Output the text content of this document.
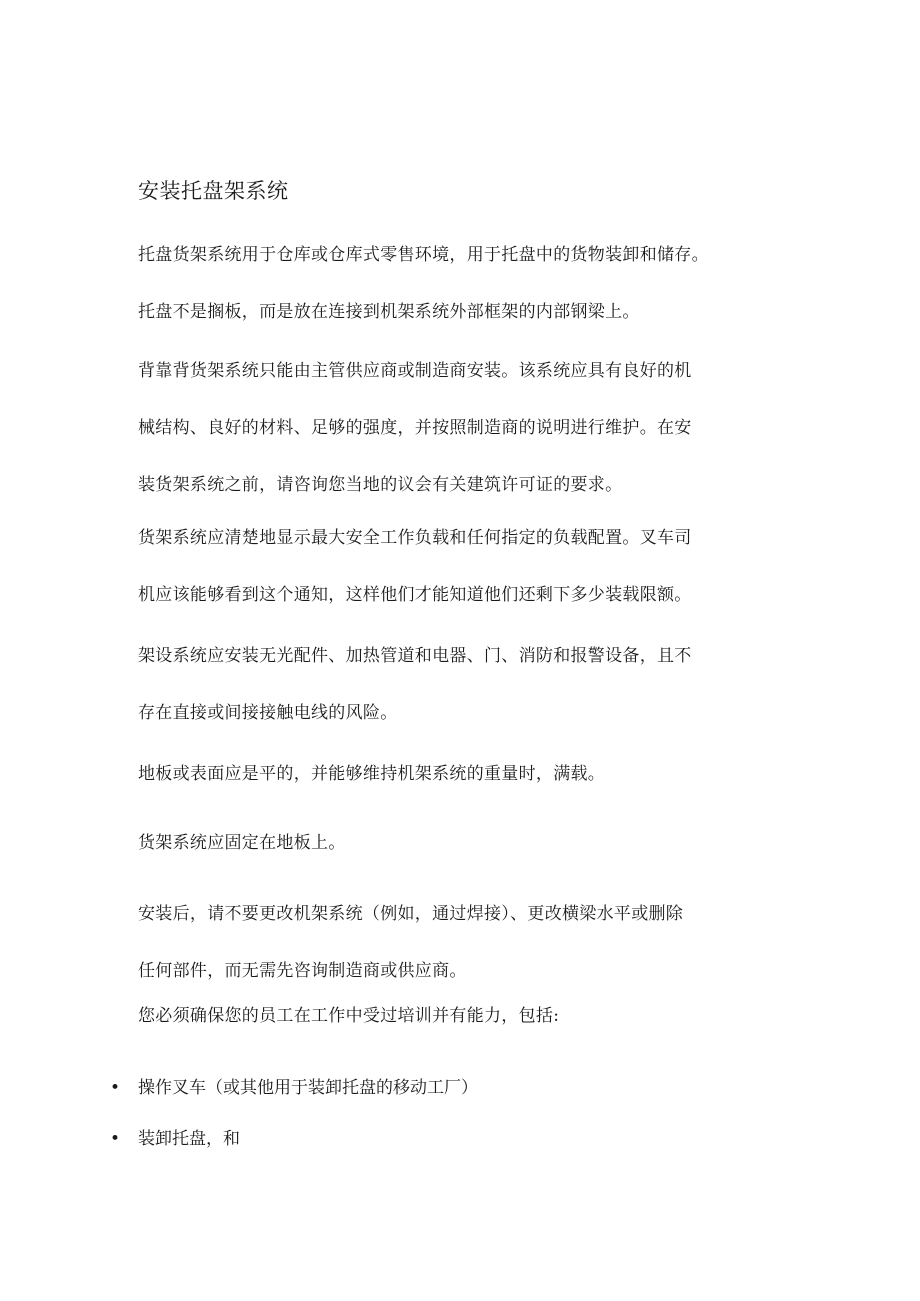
安装托盘架系统

托盘货架系统用于仓库或仓库式零售环境，用于托盘中的货物装卸和储存。
托盘不是搁板，而是放在连接到机架系统外部框架的内部钢梁上。

背靠背货架系统只能由主管供应商或制造商安装。该系统应具有良好的机
械结构、良好的材料、足够的强度，并按照制造商的说明进行维护。在安
装货架系统之前，请咨询您当地的议会有关建筑许可证的要求。

货架系统应清楚地显示最大安全工作负载和任何指定的负载配置。叉车司
机应该能够看到这个通知，这样他们才能知道他们还剩下多少装载限额。

架设系统应安装无光配件、加热管道和电器、门、消防和报警设备，且不
存在直接或间接接触电线的风险。

地板或表面应是平的，并能够维持机架系统的重量时，满载。

货架系统应固定在地板上。

安装后，请不要更改机架系统（例如，通过焊接）、更改横梁水平或删除
任何部件，而无需先咨询制造商或供应商。

您必须确保您的员工在工作中受过培训并有能力，包括:

• 操作叉车（或其他用于装卸托盘的移动工厂）

• 装卸托盘，和
